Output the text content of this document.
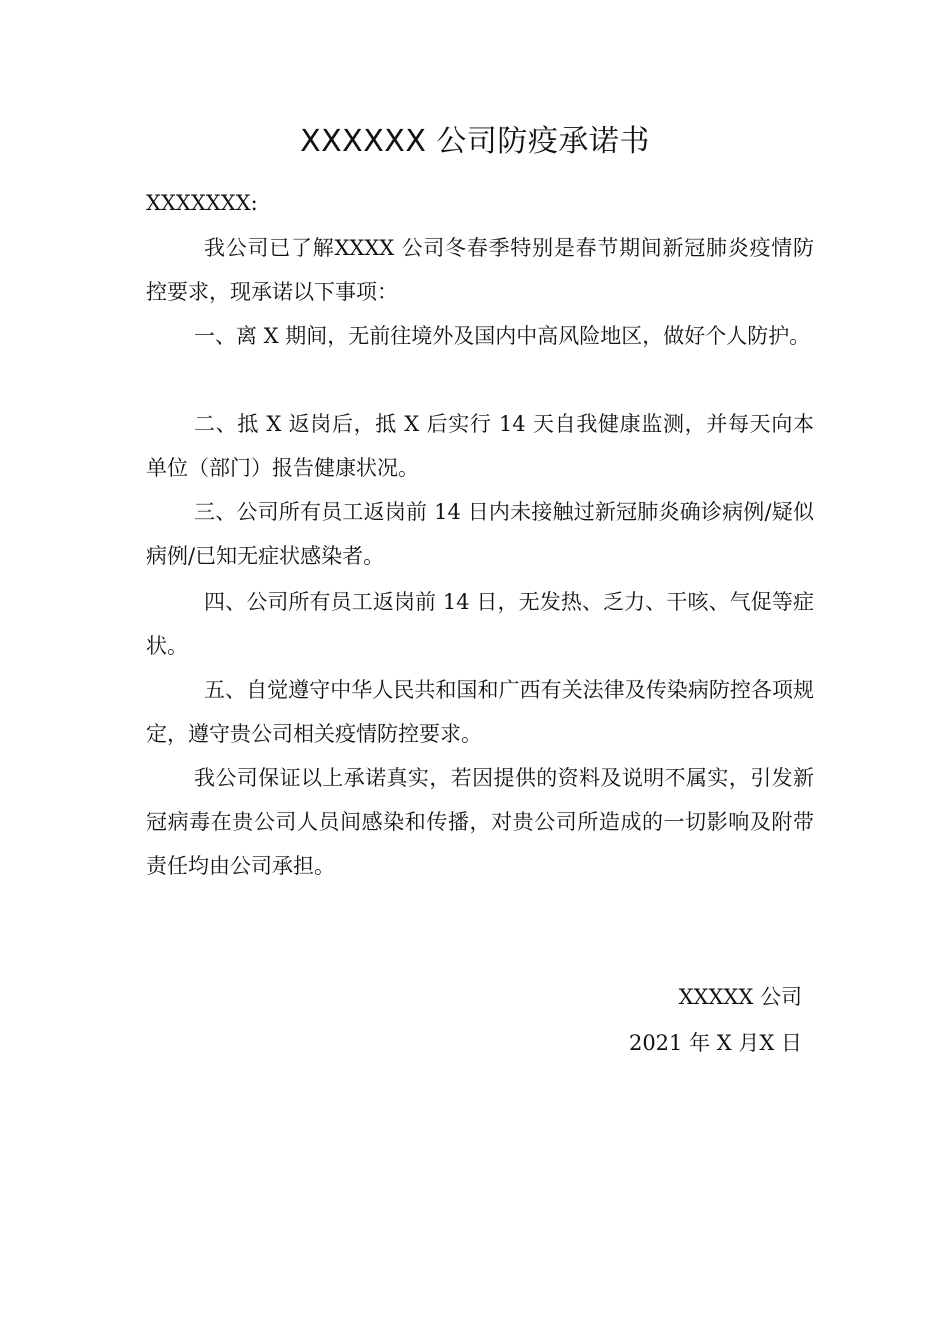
XXXXXX 公司防疫承诺书

XXXXXXX:

我公司已了解XXXX 公司冬春季特别是春节期间新冠肺炎疫情防控要求，现承诺以下事项：

一、离 X 期间，无前往境外及国内中高风险地区，做好个人防护。

二、抵 X 返岗后，抵 X 后实行 14 天自我健康监测，并每天向本单位（部门）报告健康状况。

三、公司所有员工返岗前 14 日内未接触过新冠肺炎确诊病例/疑似病例/已知无症状感染者。

四、公司所有员工返岗前 14 日，无发热、乏力、干咳、气促等症状。

五、自觉遵守中华人民共和国和广西有关法律及传染病防控各项规定，遵守贵公司相关疫情防控要求。

我公司保证以上承诺真实，若因提供的资料及说明不属实，引发新冠病毒在贵公司人员间感染和传播，对贵公司所造成的一切影响及附带责任均由公司承担。

XXXXX 公司

2021 年 X 月X 日
